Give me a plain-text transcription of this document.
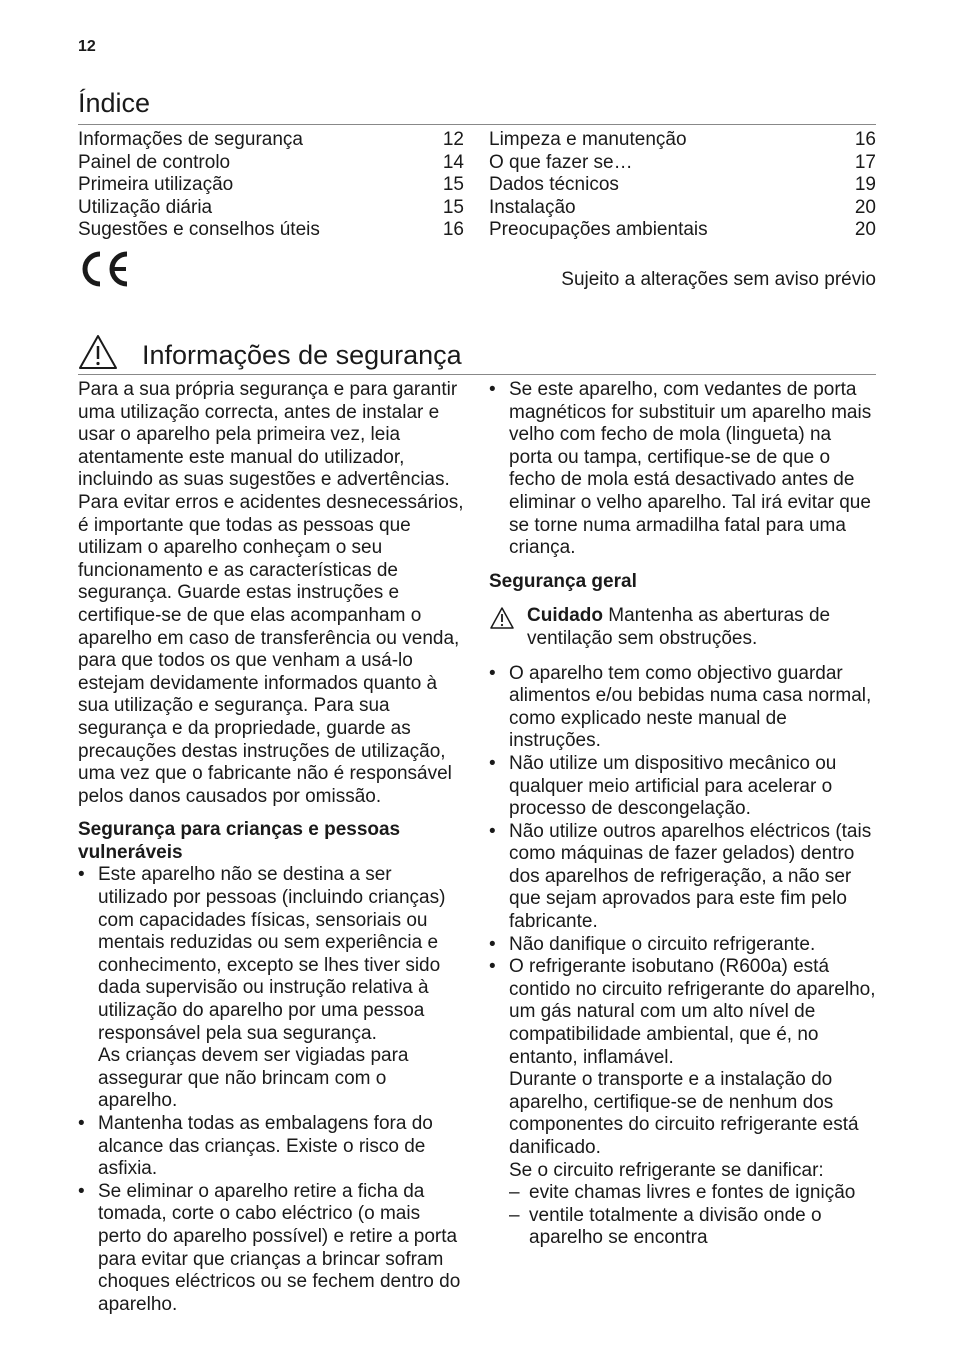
12
Índice
Informações de segurança	12
Painel de controlo	14
Primeira utilização	15
Utilização diária	15
Sugestões e conselhos úteis	16
Limpeza e manutenção	16
O que fazer se…	17
Dados técnicos	19
Instalação	20
Preocupações ambientais	20
Sujeito a alterações sem aviso prévio
Informações de segurança

Para a sua própria segurança e para garantir uma utilização correcta, antes de instalar e usar o aparelho pela primeira vez, leia atentamente este manual do utilizador, incluindo as suas sugestões e advertências. Para evitar erros e acidentes desnecessários, é importante que todas as pessoas que utilizam o aparelho conheçam o seu funcionamento e as características de segurança. Guarde estas instruções e certifique-se de que elas acompanham o aparelho em caso de transferência ou venda, para que todos os que venham a usá-lo estejam devidamente informados quanto à sua utilização e segurança. Para sua segurança e da propriedade, guarde as precauções destas instruções de utilização, uma vez que o fabricante não é responsável pelos danos causados por omissão.

Segurança para crianças e pessoas vulneráveis

• Este aparelho não se destina a ser utilizado por pessoas (incluindo crianças) com capacidades físicas, sensoriais ou mentais reduzidas ou sem experiência e conhecimento, excepto se lhes tiver sido dada supervisão ou instrução relativa à utilização do aparelho por uma pessoa responsável pela sua segurança.
As crianças devem ser vigiadas para assegurar que não brincam com o aparelho.
• Mantenha todas as embalagens fora do alcance das crianças. Existe o risco de asfixia.
• Se eliminar o aparelho retire a ficha da tomada, corte o cabo eléctrico (o mais perto do aparelho possível) e retire a porta para evitar que crianças a brincar sofram choques eléctricos ou se fechem dentro do aparelho.
• Se este aparelho, com vedantes de porta magnéticos for substituir um aparelho mais velho com fecho de mola (lingueta) na porta ou tampa, certifique-se de que o fecho de mola está desactivado antes de eliminar o velho aparelho. Tal irá evitar que se torne numa armadilha fatal para uma criança.

Segurança geral

Cuidado Mantenha as aberturas de ventilação sem obstruções.
• O aparelho tem como objectivo guardar alimentos e/ou bebidas numa casa normal, como explicado neste manual de instruções.
• Não utilize um dispositivo mecânico ou qualquer meio artificial para acelerar o processo de descongelação.
• Não utilize outros aparelhos eléctricos (tais como máquinas de fazer gelados) dentro dos aparelhos de refrigeração, a não ser que sejam aprovados para este fim pelo fabricante.
• Não danifique o circuito refrigerante.
• O refrigerante isobutano (R600a) está contido no circuito refrigerante do aparelho, um gás natural com um alto nível de compatibilidade ambiental, que é, no entanto, inflamável.
Durante o transporte e a instalação do aparelho, certifique-se de nenhum dos componentes do circuito refrigerante está danificado.
Se o circuito refrigerante se danificar:
– evite chamas livres e fontes de ignição
– ventile totalmente a divisão onde o aparelho se encontra
